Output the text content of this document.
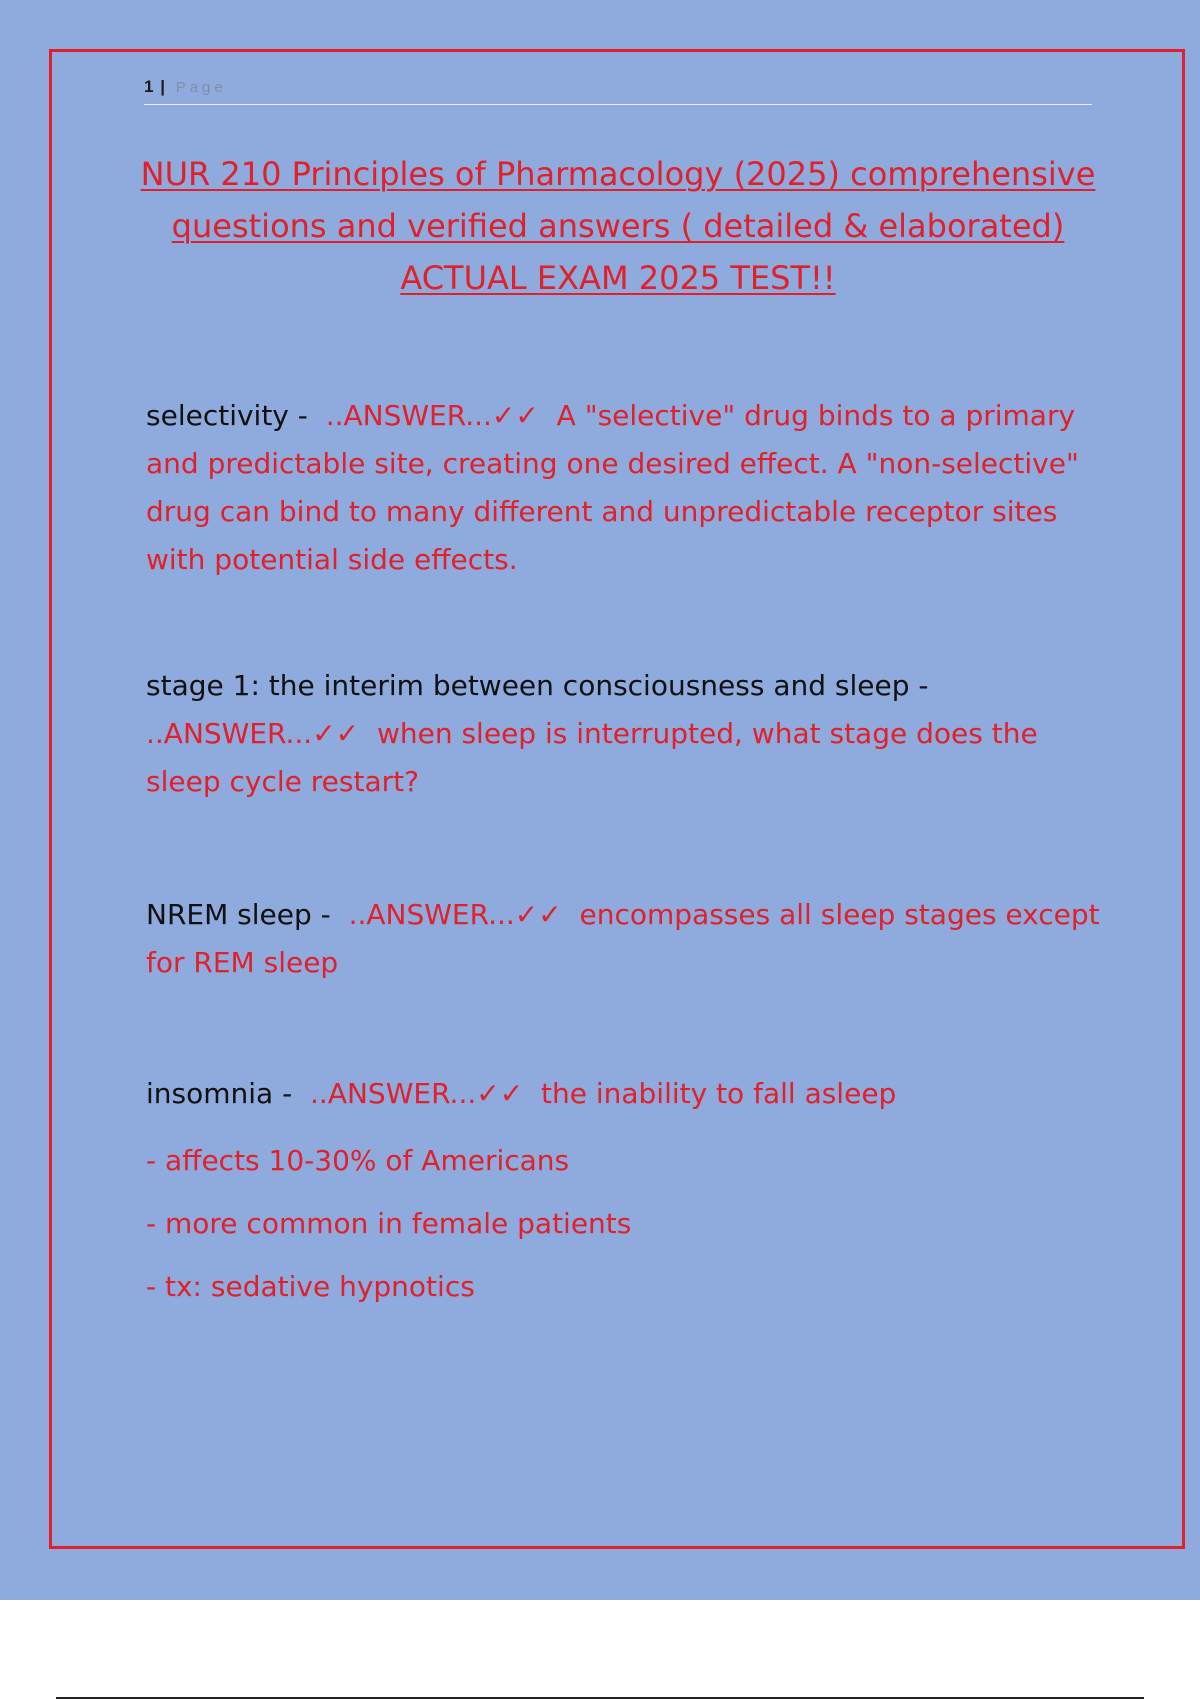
1 | Page
NUR 210 Principles of Pharmacology (2025) comprehensive questions and verified answers ( detailed & elaborated) ACTUAL EXAM 2025 TEST!!

selectivity - ..ANSWER...✓✓ A "selective" drug binds to a primary and predictable site, creating one desired effect. A "non-selective" drug can bind to many different and unpredictable receptor sites with potential side effects.

stage 1: the interim between consciousness and sleep - ..ANSWER...✓✓ when sleep is interrupted, what stage does the sleep cycle restart?

NREM sleep - ..ANSWER...✓✓ encompasses all sleep stages except for REM sleep

insomnia - ..ANSWER...✓✓ the inability to fall asleep

- affects 10-30% of Americans
- more common in female patients
- tx: sedative hypnotics
